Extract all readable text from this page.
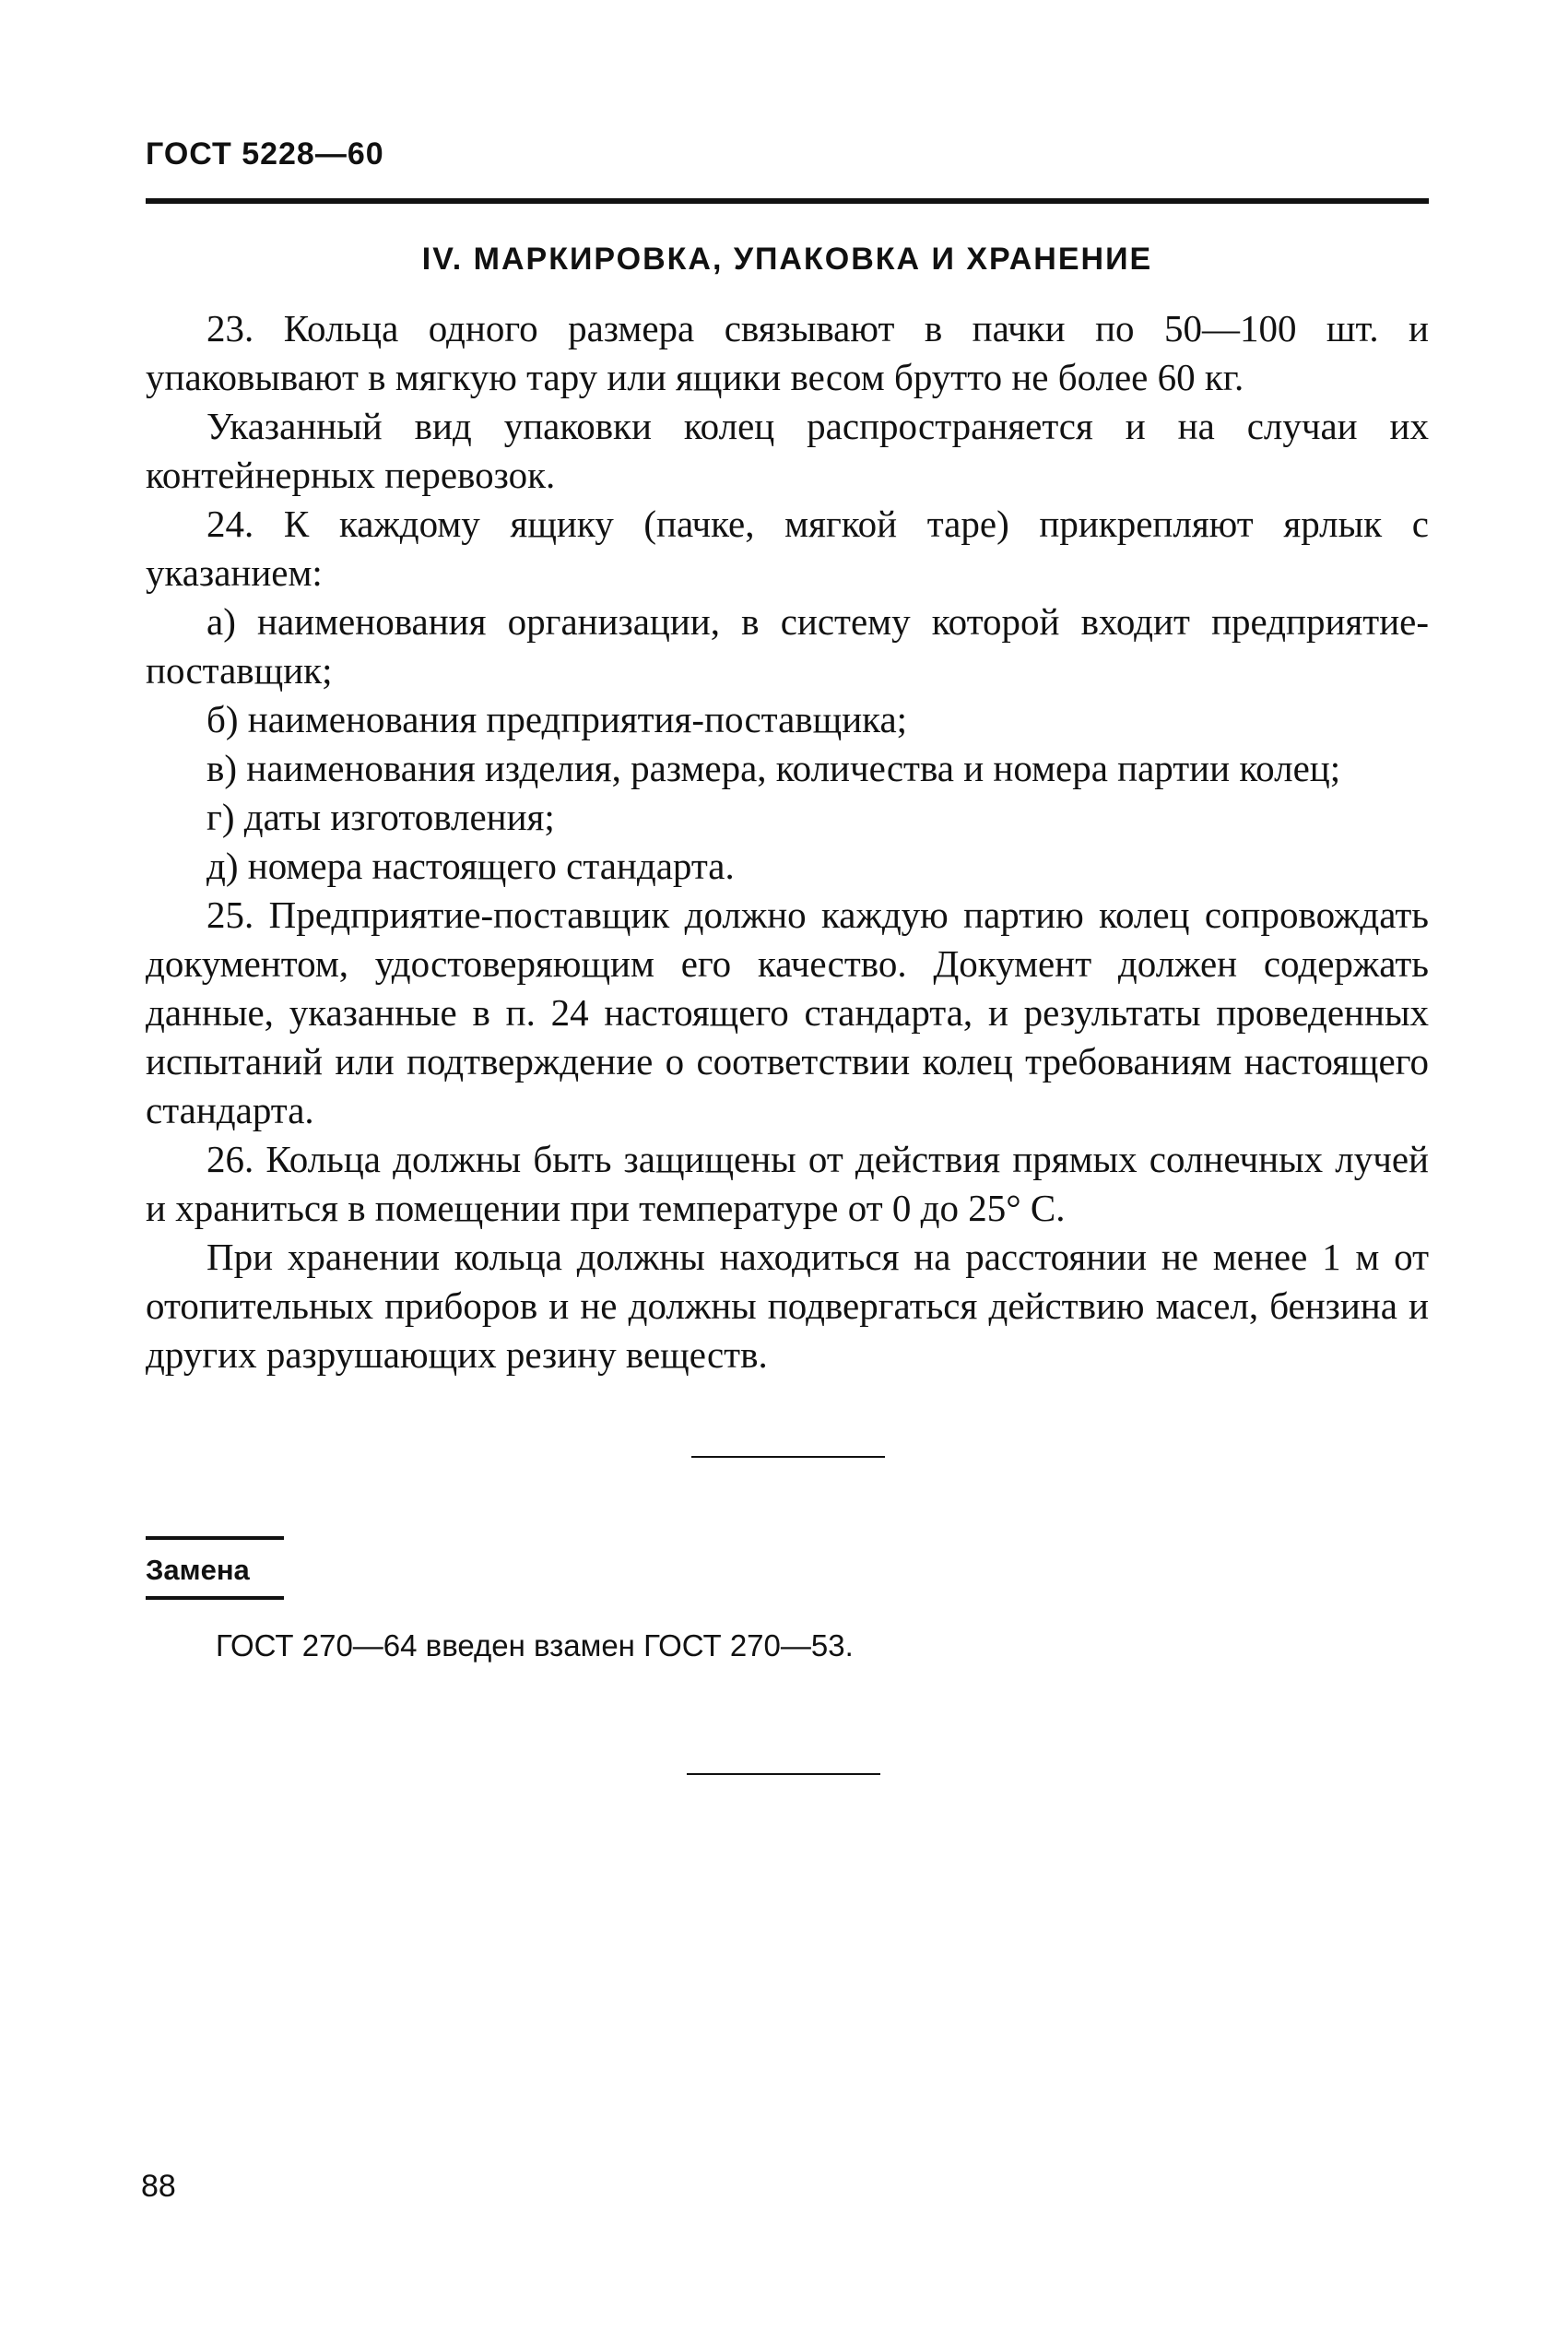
ГОСТ 5228—60
IV. МАРКИРОВКА, УПАКОВКА И ХРАНЕНИЕ

23. Кольца одного размера связывают в пачки по 50—100 шт. и упаковывают в мягкую тару или ящики весом брутто не более 60 кг.

Указанный вид упаковки колец распространяется и на случаи их контейнерных перевозок.

24. К каждому ящику (пачке, мягкой таре) прикрепляют ярлык с указанием:

а) наименования организации, в систему которой входит предприятие-поставщик;

б) наименования предприятия-поставщика;

в) наименования изделия, размера, количества и номера партии колец;

г) даты изготовления;

д) номера настоящего стандарта.

25. Предприятие-поставщик должно каждую партию колец сопровождать документом, удостоверяющим его качество. Документ должен содержать данные, указанные в п. 24 настоящего стандарта, и результаты проведенных испытаний или подтверждение о соответствии колец требованиям настоящего стандарта.

26. Кольца должны быть защищены от действия прямых солнечных лучей и храниться в помещении при температуре от 0 до 25° С.

При хранении кольца должны находиться на расстоянии не менее 1 м от отопительных приборов и не должны подвергаться действию масел, бензина и других разрушающих резину веществ.

Замена
ГОСТ 270—64 введен взамен ГОСТ 270—53.
88
